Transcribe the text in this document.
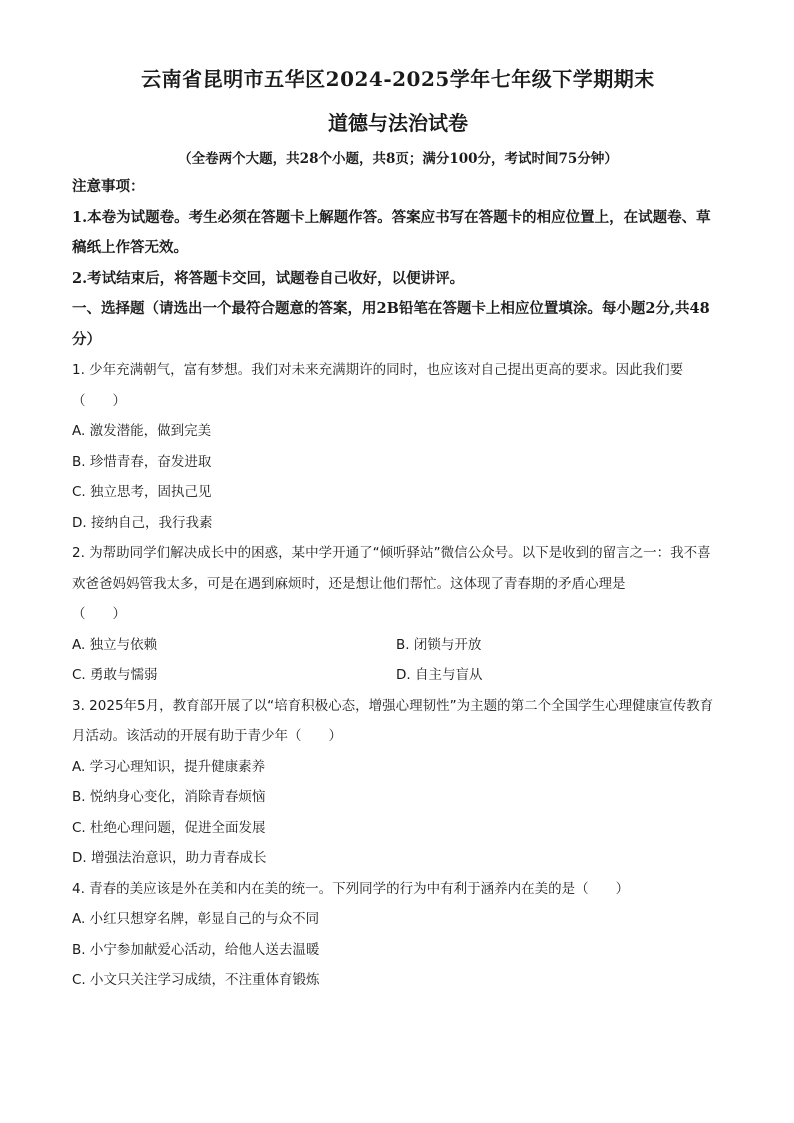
云南省昆明市五华区2024-2025学年七年级下学期期末
道德与法治试卷
（全卷两个大题，共28个小题，共8页；满分100分，考试时间75分钟）

注意事项：

1.本卷为试题卷。考生必须在答题卡上解题作答。答案应书写在答题卡的相应位置上，在试题卷、草稿纸上作答无效。

2.考试结束后，将答题卡交回，试题卷自己收好，以便讲评。

一、选择题（请选出一个最符合题意的答案，用2B铅笔在答题卡上相应位置填涂。每小题2分,共48分）

1. 少年充满朝气，富有梦想。我们对未来充满期许的同时，也应该对自己提出更高的要求。因此我们要

（　　）

A. 激发潜能，做到完美

B. 珍惜青春，奋发进取

C. 独立思考，固执己见

D. 接纳自己，我行我素

2. 为帮助同学们解决成长中的困惑，某中学开通了“倾听驿站”微信公众号。以下是收到的留言之一：我不喜欢爸爸妈妈管我太多，可是在遇到麻烦时，还是想让他们帮忙。这体现了青春期的矛盾心理是

（　　）

A. 独立与依赖	B. 闭锁与开放

C. 勇敢与懦弱	D. 自主与盲从

3. 2025年5月，教育部开展了以“培育积极心态，增强心理韧性”为主题的第二个全国学生心理健康宣传教育月活动。该活动的开展有助于青少年（　　）

A. 学习心理知识，提升健康素养

B. 悦纳身心变化，消除青春烦恼

C. 杜绝心理问题，促进全面发展

D. 增强法治意识，助力青春成长

4. 青春的美应该是外在美和内在美的统一。下列同学的行为中有利于涵养内在美的是（　　）

A. 小红只想穿名牌，彰显自己的与众不同

B. 小宁参加献爱心活动，给他人送去温暖

C. 小文只关注学习成绩，不注重体育锻炼
